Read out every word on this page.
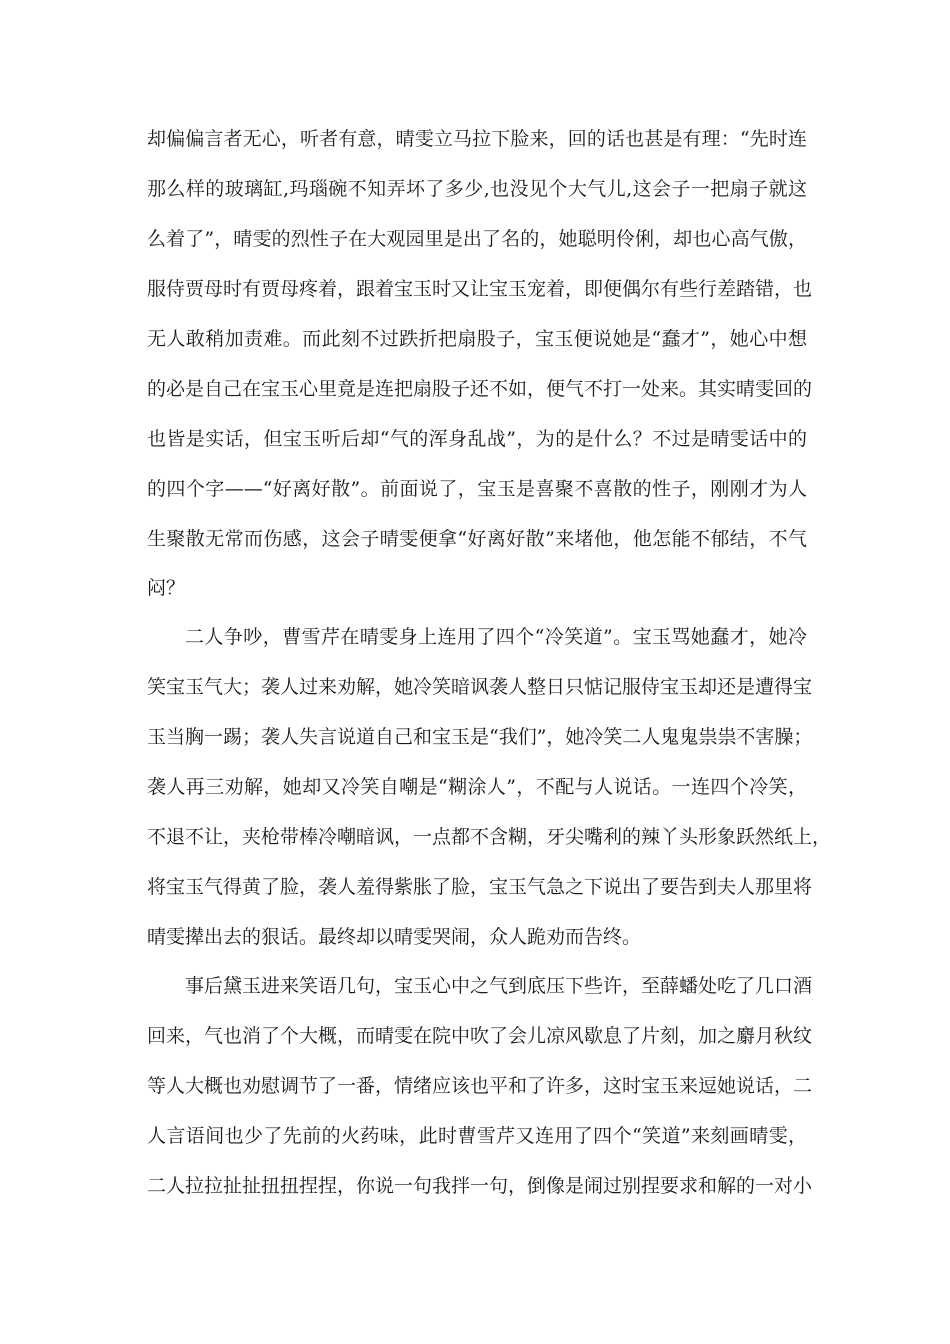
却偏偏言者无心，听者有意，晴雯立马拉下脸来，回的话也甚是有理：“先时连
那么样的玻璃缸,玛瑙碗不知弄坏了多少,也没见个大气儿,这会子一把扇子就这
么着了”，晴雯的烈性子在大观园里是出了名的，她聪明伶俐，却也心高气傲，
服侍贾母时有贾母疼着，跟着宝玉时又让宝玉宠着，即便偶尔有些行差踏错，也
无人敢稍加责难。而此刻不过跌折把扇股子，宝玉便说她是“蠢才”，她心中想
的必是自己在宝玉心里竟是连把扇股子还不如，便气不打一处来。其实晴雯回的
也皆是实话，但宝玉听后却“气的浑身乱战”，为的是什么？不过是晴雯话中的
的四个字——“好离好散”。前面说了，宝玉是喜聚不喜散的性子，刚刚才为人
生聚散无常而伤感，这会子晴雯便拿“好离好散”来堵他，他怎能不郁结，不气
闷？
二人争吵，曹雪芹在晴雯身上连用了四个“冷笑道”。宝玉骂她蠢才，她冷
笑宝玉气大；袭人过来劝解，她冷笑暗讽袭人整日只惦记服侍宝玉却还是遭得宝
玉当胸一踢；袭人失言说道自己和宝玉是“我们”，她冷笑二人鬼鬼祟祟不害臊；
袭人再三劝解，她却又冷笑自嘲是“糊涂人”，不配与人说话。一连四个冷笑，
不退不让，夹枪带棒冷嘲暗讽，一点都不含糊，牙尖嘴利的辣丫头形象跃然纸上，
将宝玉气得黄了脸，袭人羞得紫胀了脸，宝玉气急之下说出了要告到夫人那里将
晴雯撵出去的狠话。最终却以晴雯哭闹，众人跪劝而告终。
事后黛玉进来笑语几句，宝玉心中之气到底压下些许，至薛蟠处吃了几口酒
回来，气也消了个大概，而晴雯在院中吹了会儿凉风歇息了片刻，加之麝月秋纹
等人大概也劝慰调节了一番，情绪应该也平和了许多，这时宝玉来逗她说话，二
人言语间也少了先前的火药味，此时曹雪芹又连用了四个“笑道”来刻画晴雯，
二人拉拉扯扯扭扭捏捏，你说一句我拌一句，倒像是闹过别捏要求和解的一对小
